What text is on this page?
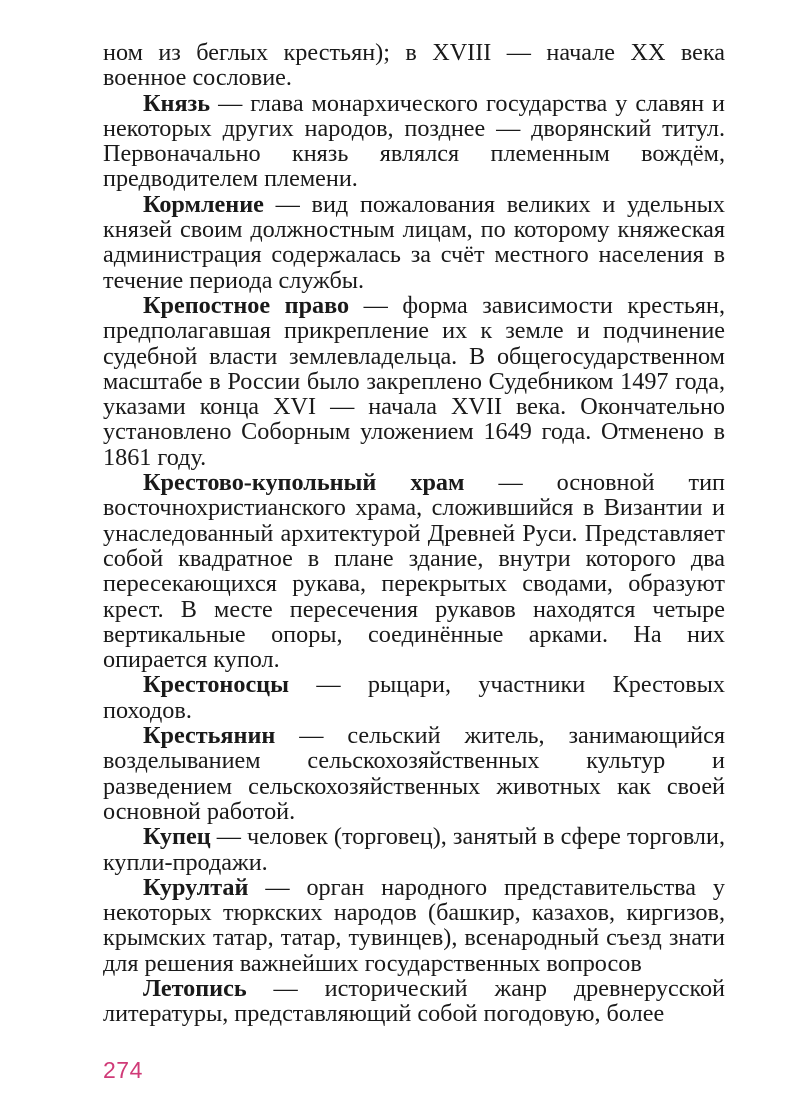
ном из беглых крестьян); в XVIII — начале XX века военное сословие.

Князь — глава монархического государства у славян и некоторых других народов, позднее — дворянский титул. Первоначально князь являлся племенным вождём, предводителем племени.

Кормление — вид пожалования великих и удельных князей своим должностным лицам, по которому княжеская администрация содержалась за счёт местного населения в течение периода службы.

Крепостное право — форма зависимости крестьян, предполагавшая прикрепление их к земле и подчинение судебной власти землевладельца. В общегосударственном масштабе в России было закреплено Судебником 1497 года, указами конца XVI — начала XVII века. Окончательно установлено Соборным уложением 1649 года. Отменено в 1861 году.

Крестово-купольный храм — основной тип восточнохристианского храма, сложившийся в Византии и унаследованный архитектурой Древней Руси. Представляет собой квадратное в плане здание, внутри которого два пересекающихся рукава, перекрытых сводами, образуют крест. В месте пересечения рукавов находятся четыре вертикальные опоры, соединённые арками. На них опирается купол.

Крестоносцы — рыцари, участники Крестовых походов.

Крестьянин — сельский житель, занимающийся возделыванием сельскохозяйственных культур и разведением сельскохозяйственных животных как своей основной работой.

Купец — человек (торговец), занятый в сфере торговли, купли-продажи.

Курултай — орган народного представительства у некоторых тюркских народов (башкир, казахов, киргизов, крымских татар, татар, тувинцев), всенародный съезд знати для решения важнейших государственных вопросов

Летопись — исторический жанр древнерусской литературы, представляющий собой погодовую, более

274
